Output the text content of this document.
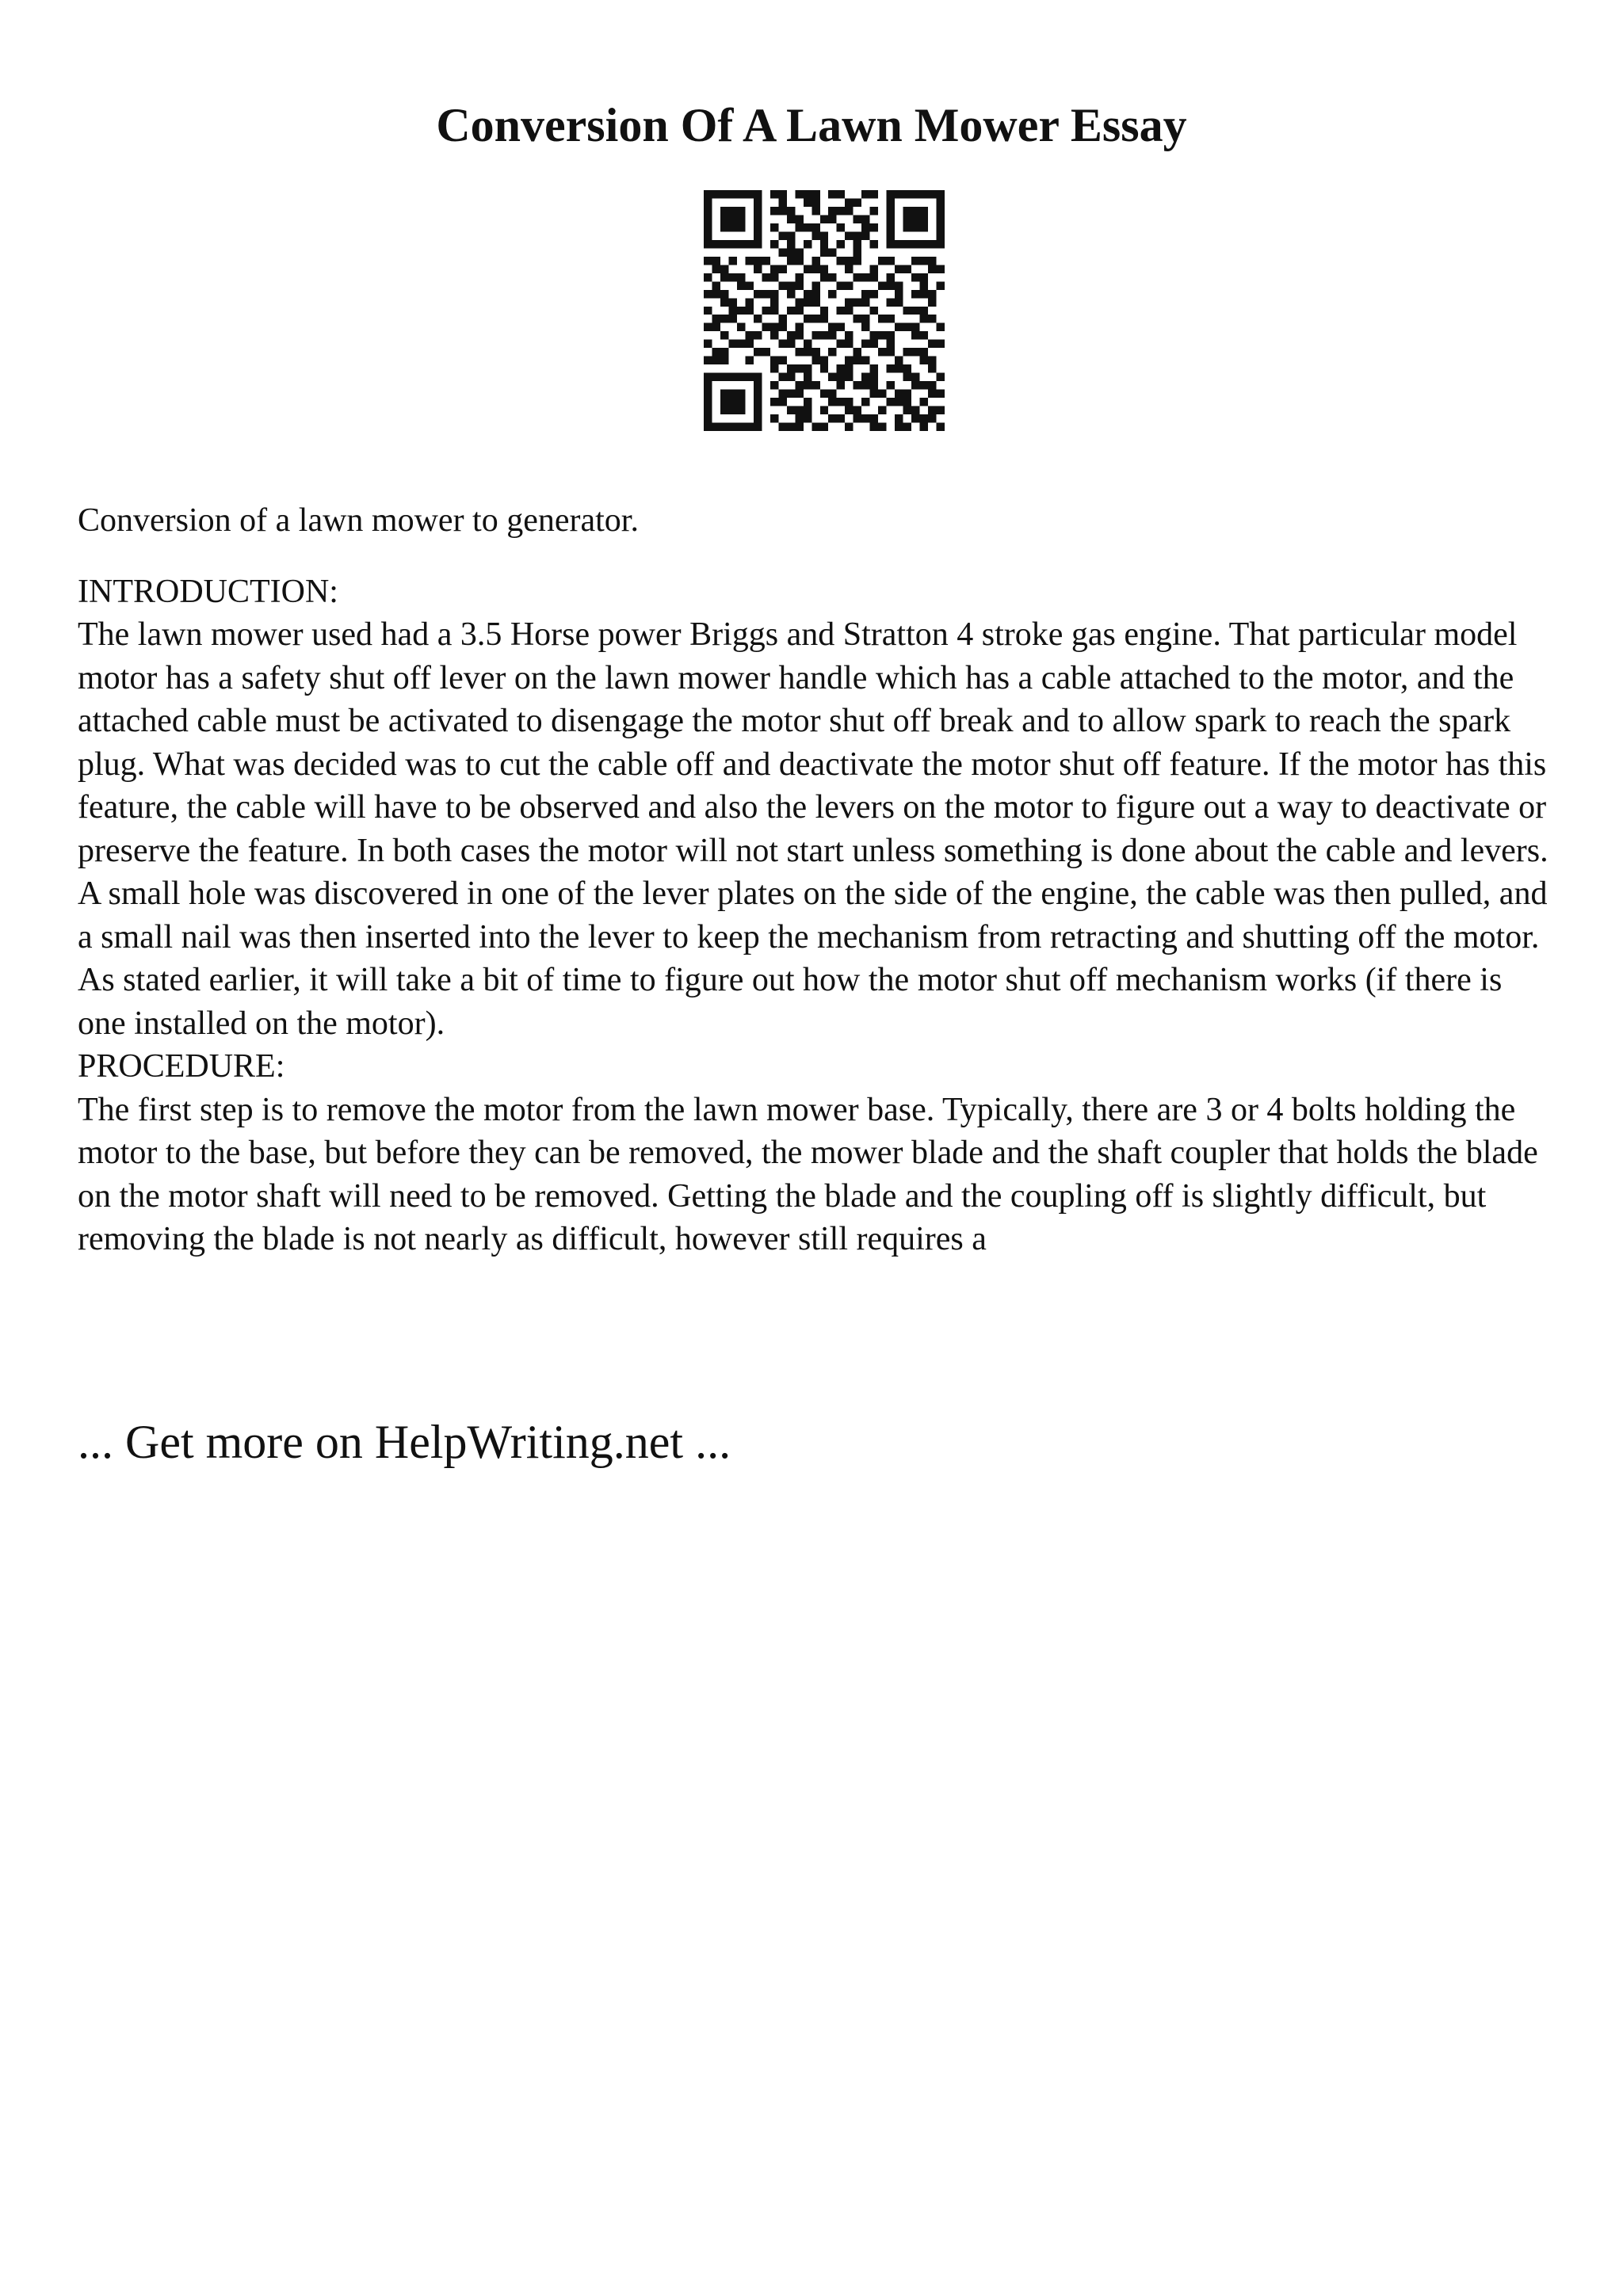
Conversion Of A Lawn Mower Essay

Conversion of a lawn mower to generator.

INTRODUCTION:

The lawn mower used had a 3.5 Horse power Briggs and Stratton 4 stroke gas engine. That particular model motor has a safety shut off lever on the lawn mower handle which has a cable attached to the motor, and the attached cable must be activated to disengage the motor shut off break and to allow spark to reach the spark plug. What was decided was to cut the cable off and deactivate the motor shut off feature. If the motor has this feature, the cable will have to be observed and also the levers on the motor to figure out a way to deactivate or preserve the feature. In both cases the motor will not start unless something is done about the cable and levers.

A small hole was discovered in one of the lever plates on the side of the engine, the cable was then pulled, and a small nail was then inserted into the lever to keep the mechanism from retracting and shutting off the motor. As stated earlier, it will take a bit of time to figure out how the motor shut off mechanism works (if there is one installed on the motor).

PROCEDURE:

The first step is to remove the motor from the lawn mower base. Typically, there are 3 or 4 bolts holding the motor to the base, but before they can be removed, the mower blade and the shaft coupler that holds the blade on the motor shaft will need to be removed. Getting the blade and the coupling off is slightly difficult, but removing the blade is not nearly as difficult, however still requires a

... Get more on HelpWriting.net ...
